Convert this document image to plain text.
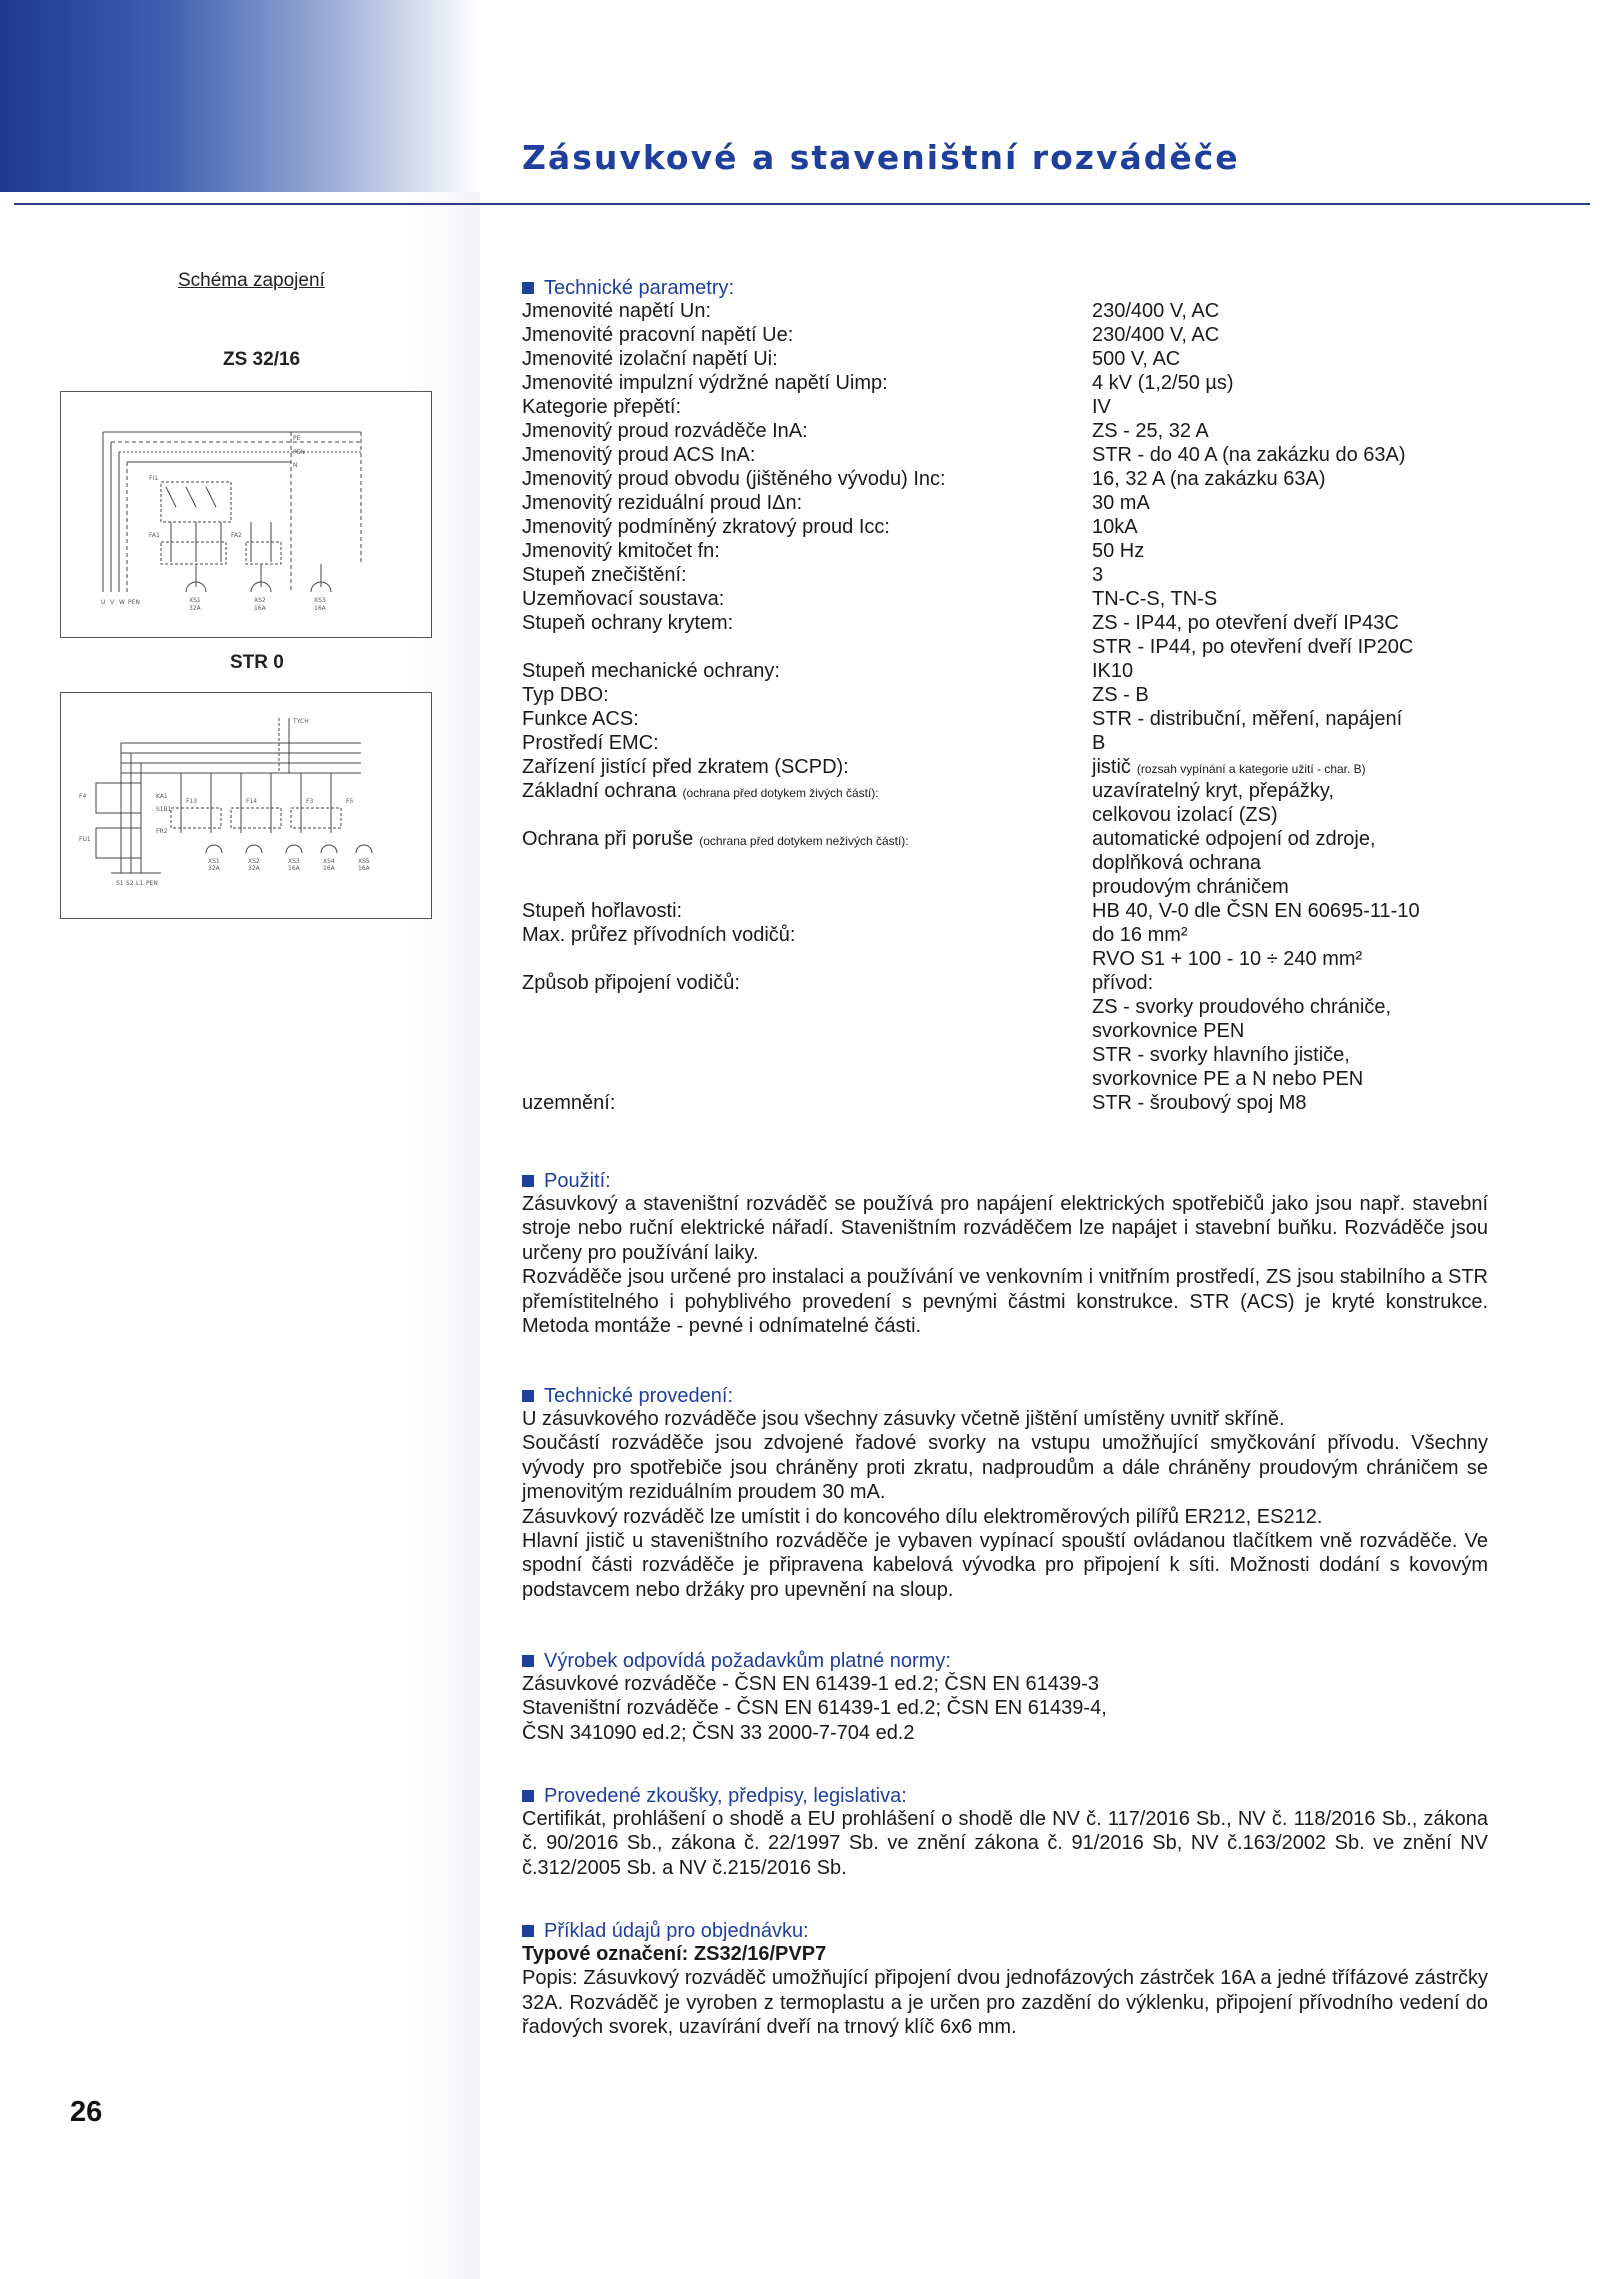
Zásuvkové a staveništní rozváděče
Schéma zapojení
ZS 32/16
PE
PEN
N
FI1
FA1	FA2
U V W PEN	XS1
32A
XS2
16A
XS3
16A
STR 0
TYCH
F4	KA1
S1B1
FR2
FU1
F13	F14	F3	F5
XS1
32A
XS2
32A
XS3
16A
XS4
16A
XS5
16A
S1 S2 L1 PEN
Technické parametry:
Jmenovité napětí Un:	230/400 V, AC
Jmenovité pracovní napětí Ue:	230/400 V, AC
Jmenovité izolační napětí Ui:	500 V, AC
Jmenovité impulzní výdržné napětí Uimp:	4 kV (1,2/50 µs)
Kategorie přepětí:	IV
Jmenovitý proud rozváděče InA:	ZS - 25, 32 A
Jmenovitý proud ACS InA:	STR - do 40 A (na zakázku do 63A)
Jmenovitý proud obvodu (jištěného vývodu) Inc:	16, 32 A (na zakázku 63A)
Jmenovitý reziduální proud IΔn:	30 mA
Jmenovitý podmíněný zkratový proud Icc:	10kA
Jmenovitý kmitočet fn:	50 Hz
Stupeň znečištění:	3
Uzemňovací soustava:	TN-C-S, TN-S
Stupeň ochrany krytem:	ZS - IP44, po otevření dveří IP43C
STR - IP44, po otevření dveří IP20C
Stupeň mechanické ochrany:	IK10
Typ DBO:	ZS - B
Funkce ACS:	STR - distribuční, měření, napájení
Prostředí EMC:	B
Zařízení jistící před zkratem (SCPD):	jistič (rozsah vypínání a kategorie užití - char. B)
Základní ochrana (ochrana před dotykem živých částí):	uzavíratelný kryt, přepážky,
celkovou izolací (ZS)
Ochrana při poruše (ochrana před dotykem neživých částí):	automatické odpojení od zdroje,
doplňková ochrana
proudovým chráničem
Stupeň hořlavosti:	HB 40, V-0 dle ČSN EN 60695-11-10
Max. průřez přívodních vodičů:	do 16 mm²
RVO S1 + 100 - 10 ÷ 240 mm²
Způsob připojení vodičů:	přívod:
ZS - svorky proudového chrániče,
svorkovnice PEN
STR - svorky hlavního jističe,
svorkovnice PE a N nebo PEN
uzemnění:	STR - šroubový spoj M8
Použití:

Zásuvkový a staveništní rozváděč se používá pro napájení elektrických spotřebičů jako jsou např. stavební stroje nebo ruční elektrické nářadí. Staveništním rozváděčem lze napájet i stavební buňku. Rozváděče jsou určeny pro používání laiky.

Rozváděče jsou určené pro instalaci a používání ve venkovním i vnitřním prostředí, ZS jsou stabilního a STR přemístitelného i pohyblivého provedení s pevnými částmi konstrukce. STR (ACS) je kryté konstrukce. Metoda montáže - pevné i odnímatelné části.

Technické provedení:

U zásuvkového rozváděče jsou všechny zásuvky včetně jištění umístěny uvnitř skříně.

Součástí rozváděče jsou zdvojené řadové svorky na vstupu umožňující smyčkování přívodu. Všechny vývody pro spotřebiče jsou chráněny proti zkratu, nadproudům a dále chráněny proudovým chráničem se jmenovitým reziduálním proudem 30 mA.

Zásuvkový rozváděč lze umístit i do koncového dílu elektroměrových pilířů ER212, ES212.

Hlavní jistič u staveništního rozváděče je vybaven vypínací spouští ovládanou tlačítkem vně rozváděče. Ve spodní části rozváděče je připravena kabelová vývodka pro připojení k síti. Možnosti dodání s kovovým podstavcem nebo držáky pro upevnění na sloup.

Výrobek odpovídá požadavkům platné normy:

Zásuvkové rozváděče - ČSN EN 61439-1 ed.2; ČSN EN 61439-3

Staveništní rozváděče - ČSN EN 61439-1 ed.2; ČSN EN 61439-4,

ČSN 341090 ed.2; ČSN 33 2000-7-704 ed.2

Provedené zkoušky, předpisy, legislativa:

Certifikát, prohlášení o shodě a EU prohlášení o shodě dle NV č. 117/2016 Sb., NV č. 118/2016 Sb., zákona č. 90/2016 Sb., zákona č. 22/1997 Sb. ve znění zákona č. 91/2016 Sb, NV č.163/2002 Sb. ve znění NV č.312/2005 Sb. a NV č.215/2016 Sb.

Příklad údajů pro objednávku:

Typové označení: ZS32/16/PVP7

Popis: Zásuvkový rozváděč umožňující připojení dvou jednofázových zástrček 16A a jedné třífázové zástrčky 32A. Rozváděč je vyroben z termoplastu a je určen pro zazdění do výklenku, připojení přívodního vedení do řadových svorek, uzavírání dveří na trnový klíč 6x6 mm.

26
